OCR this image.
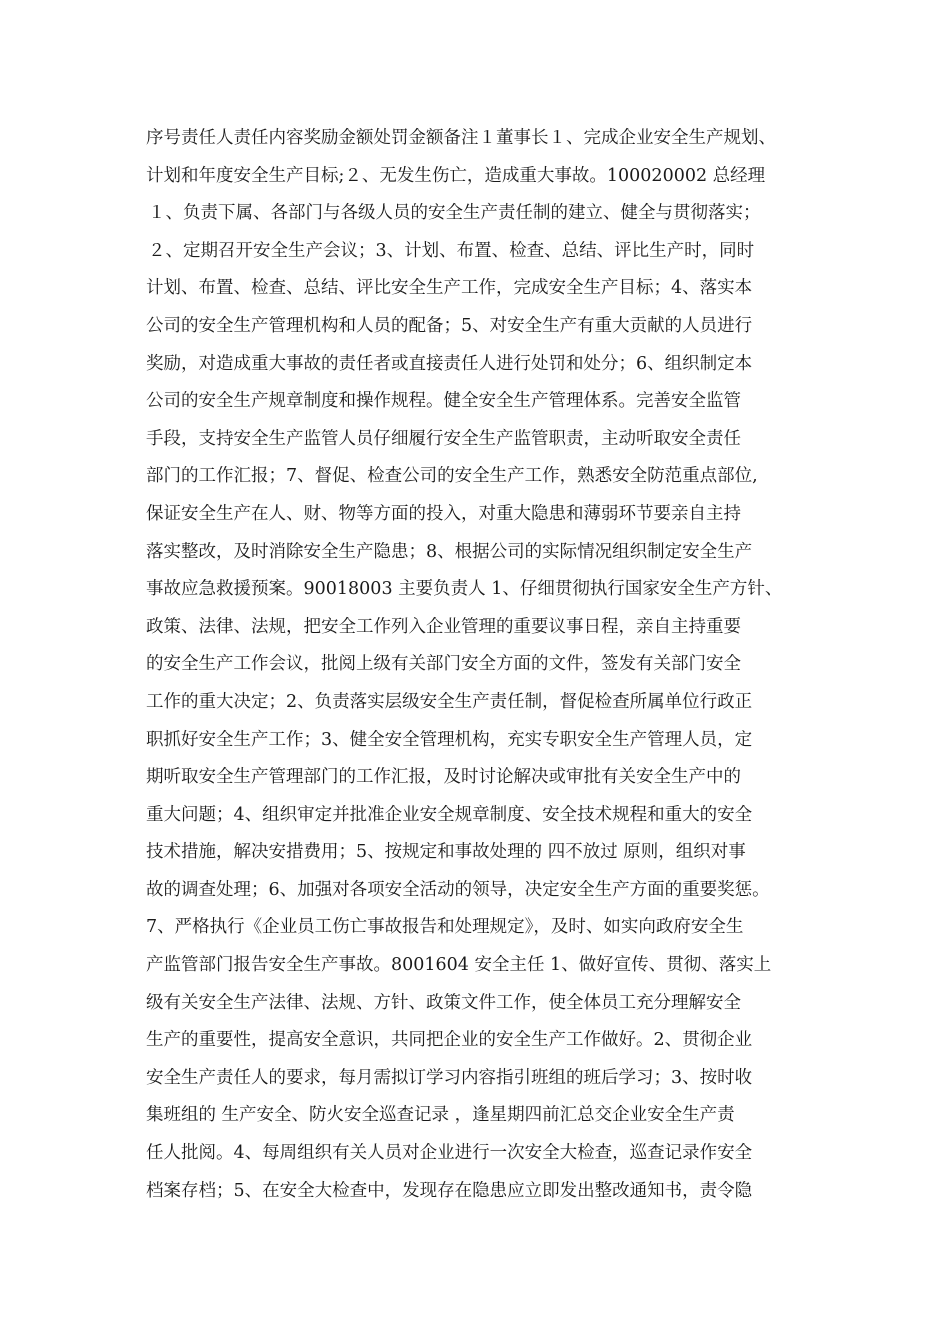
序号责任人责任内容奖励金额处罚金额备注１董事长１、完成企业安全生产规划、
计划和年度安全生产目标;２、无发生伤亡，造成重大事故。100020002 总经理
１、负责下属、各部门与各级人员的安全生产责任制的建立、健全与贯彻落实；
２、定期召开安全生产会议；3、计划、布置、检查、总结、评比生产时，同时
计划、布置、检查、总结、评比安全生产工作，完成安全生产目标；4、落实本
公司的安全生产管理机构和人员的配备；5、对安全生产有重大贡献的人员进行
奖励，对造成重大事故的责任者或直接责任人进行处罚和处分；6、组织制定本
公司的安全生产规章制度和操作规程。健全安全生产管理体系。完善安全监管
手段，支持安全生产监管人员仔细履行安全生产监管职责，主动听取安全责任
部门的工作汇报；7、督促、检查公司的安全生产工作，熟悉安全防范重点部位,
保证安全生产在人、财、物等方面的投入，对重大隐患和薄弱环节要亲自主持
落实整改，及时消除安全生产隐患；8、根据公司的实际情况组织制定安全生产
事故应急救援预案。90018003 主要负责人 1、仔细贯彻执行国家安全生产方针、
政策、法律、法规，把安全工作列入企业管理的重要议事日程，亲自主持重要
的安全生产工作会议，批阅上级有关部门安全方面的文件，签发有关部门安全
工作的重大决定；2、负责落实层级安全生产责任制，督促检查所属单位行政正
职抓好安全生产工作；3、健全安全管理机构，充实专职安全生产管理人员，定
期听取安全生产管理部门的工作汇报，及时讨论解决或审批有关安全生产中的
重大问题；4、组织审定并批准企业安全规章制度、安全技术规程和重大的安全
技术措施，解决安措费用；5、按规定和事故处理的 四不放过 原则，组织对事
故的调查处理；6、加强对各项安全活动的领导，决定安全生产方面的重要奖惩。
7、严格执行《企业员工伤亡事故报告和处理规定》，及时、如实向政府安全生
产监管部门报告安全生产事故。8001604 安全主任 1、做好宣传、贯彻、落实上
级有关安全生产法律、法规、方针、政策文件工作，使全体员工充分理解安全
生产的重要性，提高安全意识，共同把企业的安全生产工作做好。2、贯彻企业
安全生产责任人的要求，每月需拟订学习内容指引班组的班后学习；3、按时收
集班组的 生产安全、防火安全巡查记录 ，逢星期四前汇总交企业安全生产责
任人批阅。4、每周组织有关人员对企业进行一次安全大检查，巡查记录作安全
档案存档；5、在安全大检查中，发现存在隐患应立即发出整改通知书，责令隐
